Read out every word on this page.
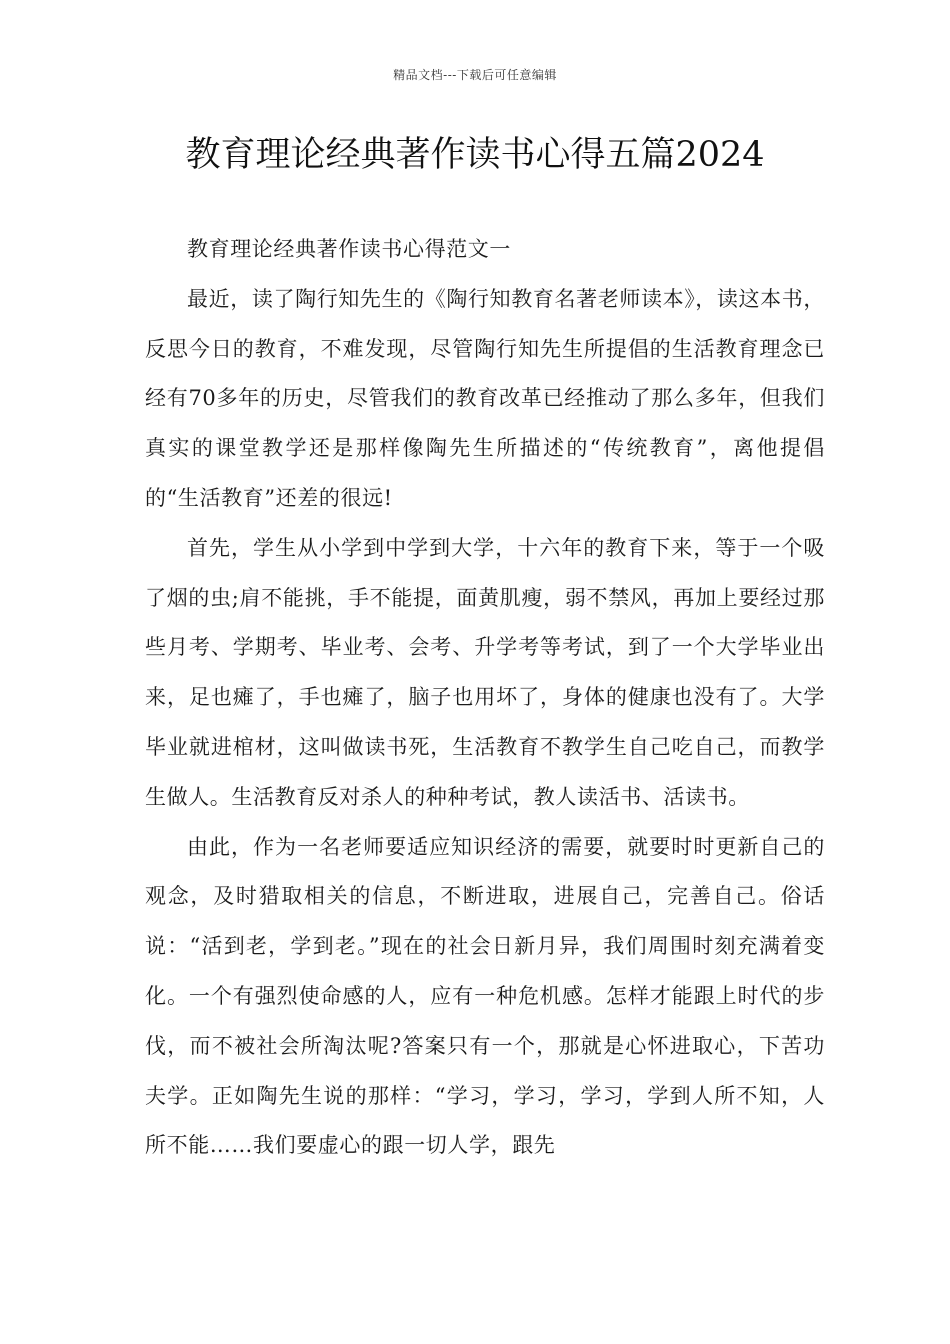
精品文档---下载后可任意编辑
教育理论经典著作读书心得五篇2024

教育理论经典著作读书心得范文一

最近，读了陶行知先生的《陶行知教育名著老师读本》，读这本书，反思今日的教育，不难发现，尽管陶行知先生所提倡的生活教育理念已经有70多年的历史，尽管我们的教育改革已经推动了那么多年，但我们真实的课堂教学还是那样像陶先生所描述的“传统教育”，离他提倡的“生活教育”还差的很远!

首先，学生从小学到中学到大学，十六年的教育下来，等于一个吸了烟的虫;肩不能挑，手不能提，面黄肌瘦，弱不禁风，再加上要经过那些月考、学期考、毕业考、会考、升学考等考试，到了一个大学毕业出来，足也瘫了，手也瘫了，脑子也用坏了，身体的健康也没有了。大学毕业就进棺材，这叫做读书死，生活教育不教学生自己吃自己，而教学生做人。生活教育反对杀人的种种考试，教人读活书、活读书。

由此，作为一名老师要适应知识经济的需要，就要时时更新自己的观念，及时猎取相关的信息，不断进取，进展自己，完善自己。俗话说：“活到老，学到老。”现在的社会日新月异，我们周围时刻充满着变化。一个有强烈使命感的人，应有一种危机感。怎样才能跟上时代的步伐，而不被社会所淘汰呢?答案只有一个，那就是心怀进取心，下苦功夫学。正如陶先生说的那样：“学习，学习，学习，学到人所不知，人所不能……我们要虚心的跟一切人学，跟先
